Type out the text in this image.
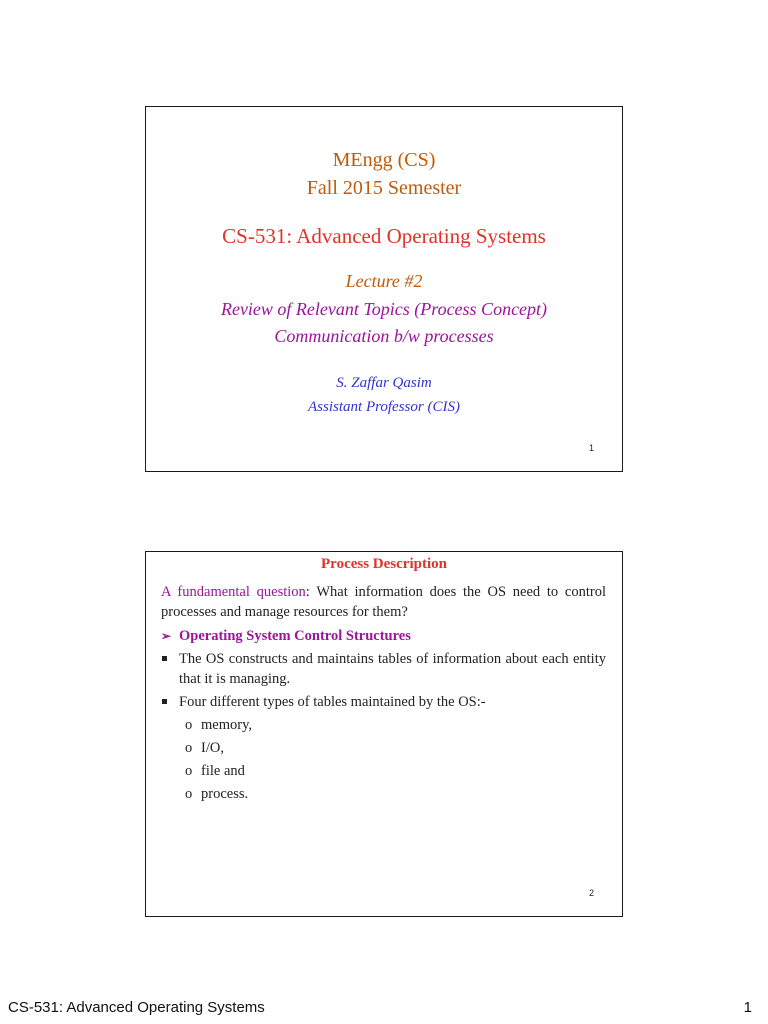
MEngg (CS)
Fall 2015 Semester
CS-531: Advanced Operating Systems
Lecture #2
Review of Relevant Topics (Process Concept)
Communication b/w processes
S. Zaffar Qasim
Assistant Professor (CIS)
1
Process Description

A fundamental question: What information does the OS need to control processes and manage resources for them?

➢ Operating System Control Structures
The OS constructs and maintains tables of information about each entity that it is managing.
Four different types of tables maintained by the OS:-
o memory,
o I/O,
o file and
o process.
2
CS-531: Advanced Operating Systems	1
